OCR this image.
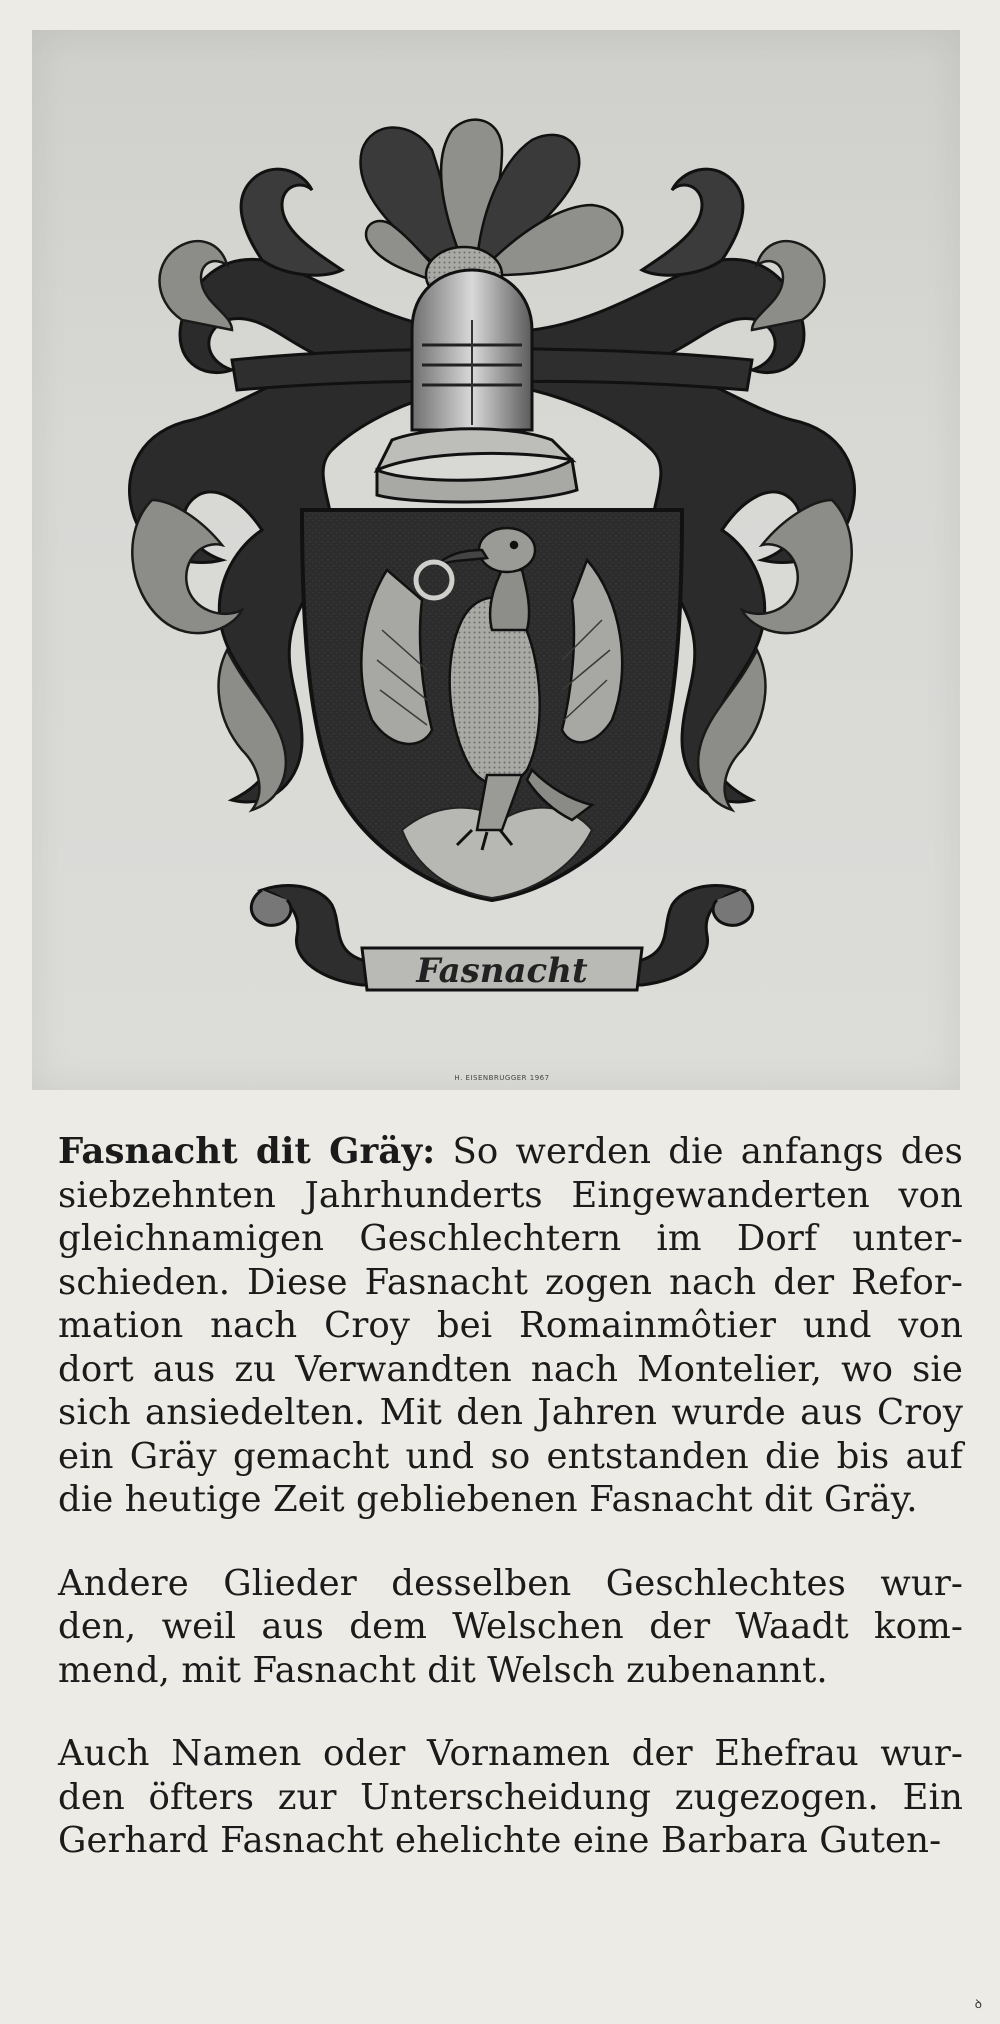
Fasnacht
H. EISENBRUGGER 1967
Fasnacht dit Gräy: So werden die anfangs des
siebzehnten Jahrhunderts Eingewanderten von
gleichnamigen Geschlechtern im Dorf unter-
schieden. Diese Fasnacht zogen nach der Refor-
mation nach Croy bei Romainmôtier und von
dort aus zu Verwandten nach Montelier, wo sie
sich ansiedelten. Mit den Jahren wurde aus Croy
ein Gräy gemacht und so entstanden die bis auf
die heutige Zeit gebliebenen Fasnacht dit Gräy.
Andere Glieder desselben Geschlechtes wur-
den, weil aus dem Welschen der Waadt kom-
mend, mit Fasnacht dit Welsch zubenannt.
Auch Namen oder Vornamen der Ehefrau wur-
den öfters zur Unterscheidung zugezogen. Ein
Gerhard Fasnacht ehelichte eine Barbara Guten-
ꝺ
